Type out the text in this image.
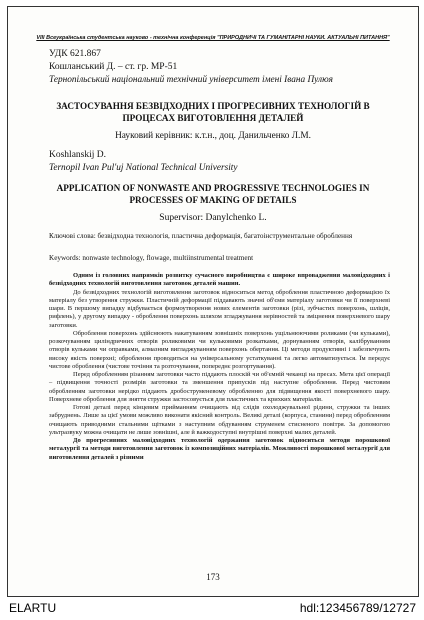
VIII Всеукраїнська студентська науково - технічна конференція "ПРИРОДНИЧІ ТА ГУМАНІТАРНІ НАУКИ. АКТУАЛЬНІ ПИТАННЯ"
УДК 621.867
Кошланський Д. – ст. гр. МР-51
Тернопільський національний технічний університет імені Івана Пулюя
ЗАСТОСУВАННЯ БЕЗВІДХОДНИХ І ПРОГРЕСИВНИХ ТЕХНОЛОГІЙ В ПРОЦЕСАХ ВИГОТОВЛЕННЯ ДЕТАЛЕЙ
Науковий керівник: к.т.н., доц. Данильченко Л.М.
Koshlanskij D.
Ternopil Ivan Pul'uj National Technical University
APPLICATION OF NONWASTE AND PROGRESSIVE TECHNOLOGIES IN PROCESSES OF MAKING OF DETAILS
Supervisor: Danylchenko L.
Ключові слова: безвідходна технологія, пластична деформація, багатоінструментальне оброблення
Keywords: nonwaste technology, flowage, multiinstrumental treatment

Одним із головних напрямків розвитку сучасного виробництва є широке впровадження маловідходних і безвідходних технологій виготовлення заготовок деталей машин.

До безвідходних технологій виготовлення заготовок відноситься метод оброблення пластичною деформацією їх матеріалу без утворення стружки. Пластичній деформації піддавають значні об'єми матеріалу заготовки чи її поверхневі шари. В першому випадку відбувається формоутворення нових елементів заготовки (різі, зубчастих поверхонь, шліців, рифлень), у другому випадку - оброблення поверхонь шляхом згладжування нерівностей та зміцнення поверхневого шару заготовки.

Оброблення поверхонь здійснюють накатуванням зовнішніх поверхонь ущільнюючими роликами (чи кульками), розкочуванням циліндричних отворів роликовими чи кульковими розкатками, дорнуванням отворів, калібруванням отворів кульками чи оправками, алмазним вигладжуванням поверхонь обертання. Ці методи продуктивні і забезпечують високу якість поверхні; оброблення проводиться на універсальному устаткуванні та легко автоматизується. Їм передує чистове оброблення (чистове точіння та розточування, попереднє розгортування).

Перед обробленням різанням заготовки часто піддають плоскій чи об'ємній чеканці на пресах. Мета цієї операції – підвищення точності розмірів заготовки та зменшення припусків під наступне оброблення. Перед чистовим обробленням заготовки нерідко піддають дробоструменевому обробленню для підвищення якості поверхневого шару. Поверхневе оброблення для зняття стружки застосовується для пластичних та крихких матеріалів.

Готові деталі перед кінцевим прийманням очищають від слідів охолоджувальної рідини, стружки та інших забруднень. Лише за цієї умови можливо виконати якісний контроль. Великі деталі (корпуса, станини) перед обробленням очищають приводними стальними щітками з наступним обдуванням струменем стисненого повітря. За допомогою ультразвуку можна очищати не лише зовнішні, але й важкодоступні внутрішні поверхні малих деталей.

До прогресивних маловідходних технологій одержання заготовок відноситься методи порошкової металургії та методи виготовлення заготовок із композиційних матеріалів. Можливості порошкової металургії для виготовлення деталей з різними

173
ELARTU	hdl:123456789/12727
